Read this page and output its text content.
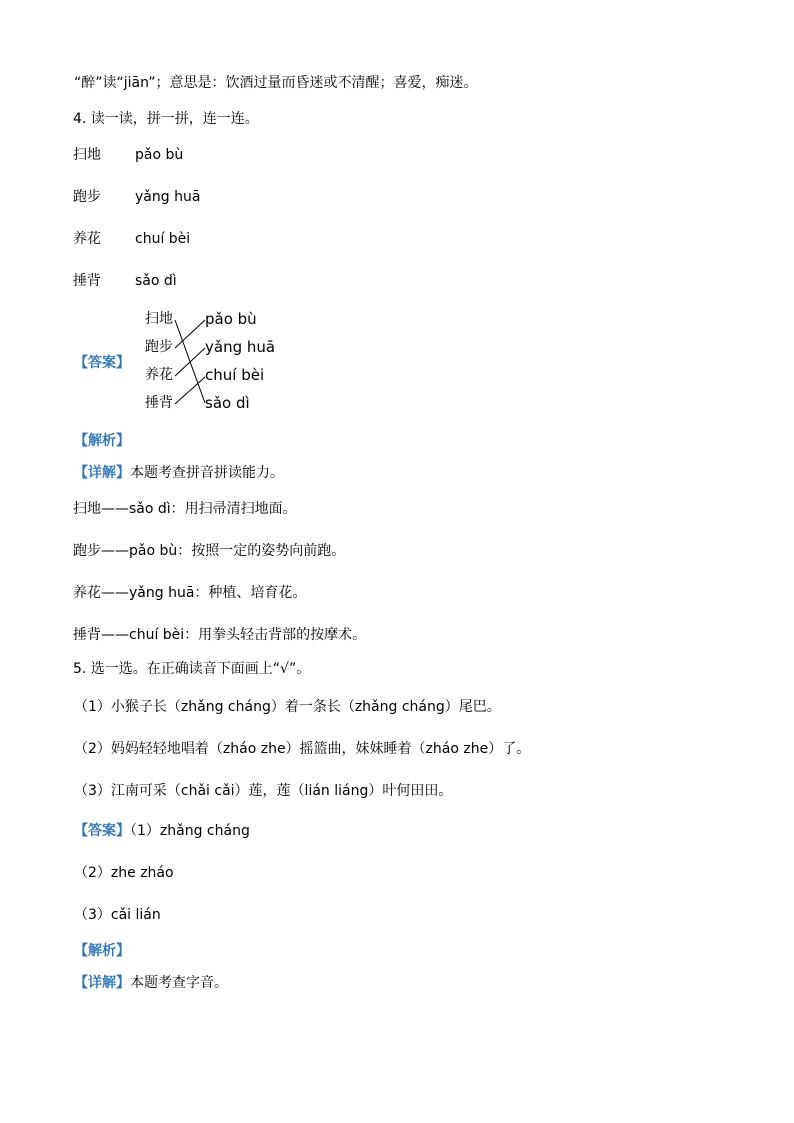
“醉”读“jiān”；意思是：饮酒过量而昏迷或不清醒；喜爱，痴迷。
4. 读一读，拼一拼，连一连。
扫地 pǎo bù
跑步 yǎng huā
养花 chuí bèi
捶背 sǎo dì
【答案】
扫地
跑步
养花
捶背
pǎo bù
yǎng huā
chuí bèi
sǎo dì
【解析】
【详解】本题考查拼音拼读能力。
扫地——sǎo dì：用扫帚清扫地面。
跑步——pǎo bù：按照一定的姿势向前跑。
养花——yǎng huā：种植、培育花。
捶背——chuí bèi：用拳头轻击背部的按摩术。
5. 选一选。在正确读音下面画上“√”。
（1）小猴子长（zhǎng cháng）着一条长（zhǎng cháng）尾巴。
（2）妈妈轻轻地唱着（zháo zhe）摇篮曲，妹妹睡着（zháo zhe）了。
（3）江南可采（chǎi cǎi）莲，莲（lián liáng）叶何田田。
【答案】（1）zhǎng cháng
（2）zhe zháo
（3）cǎi lián
【解析】
【详解】本题考查字音。
